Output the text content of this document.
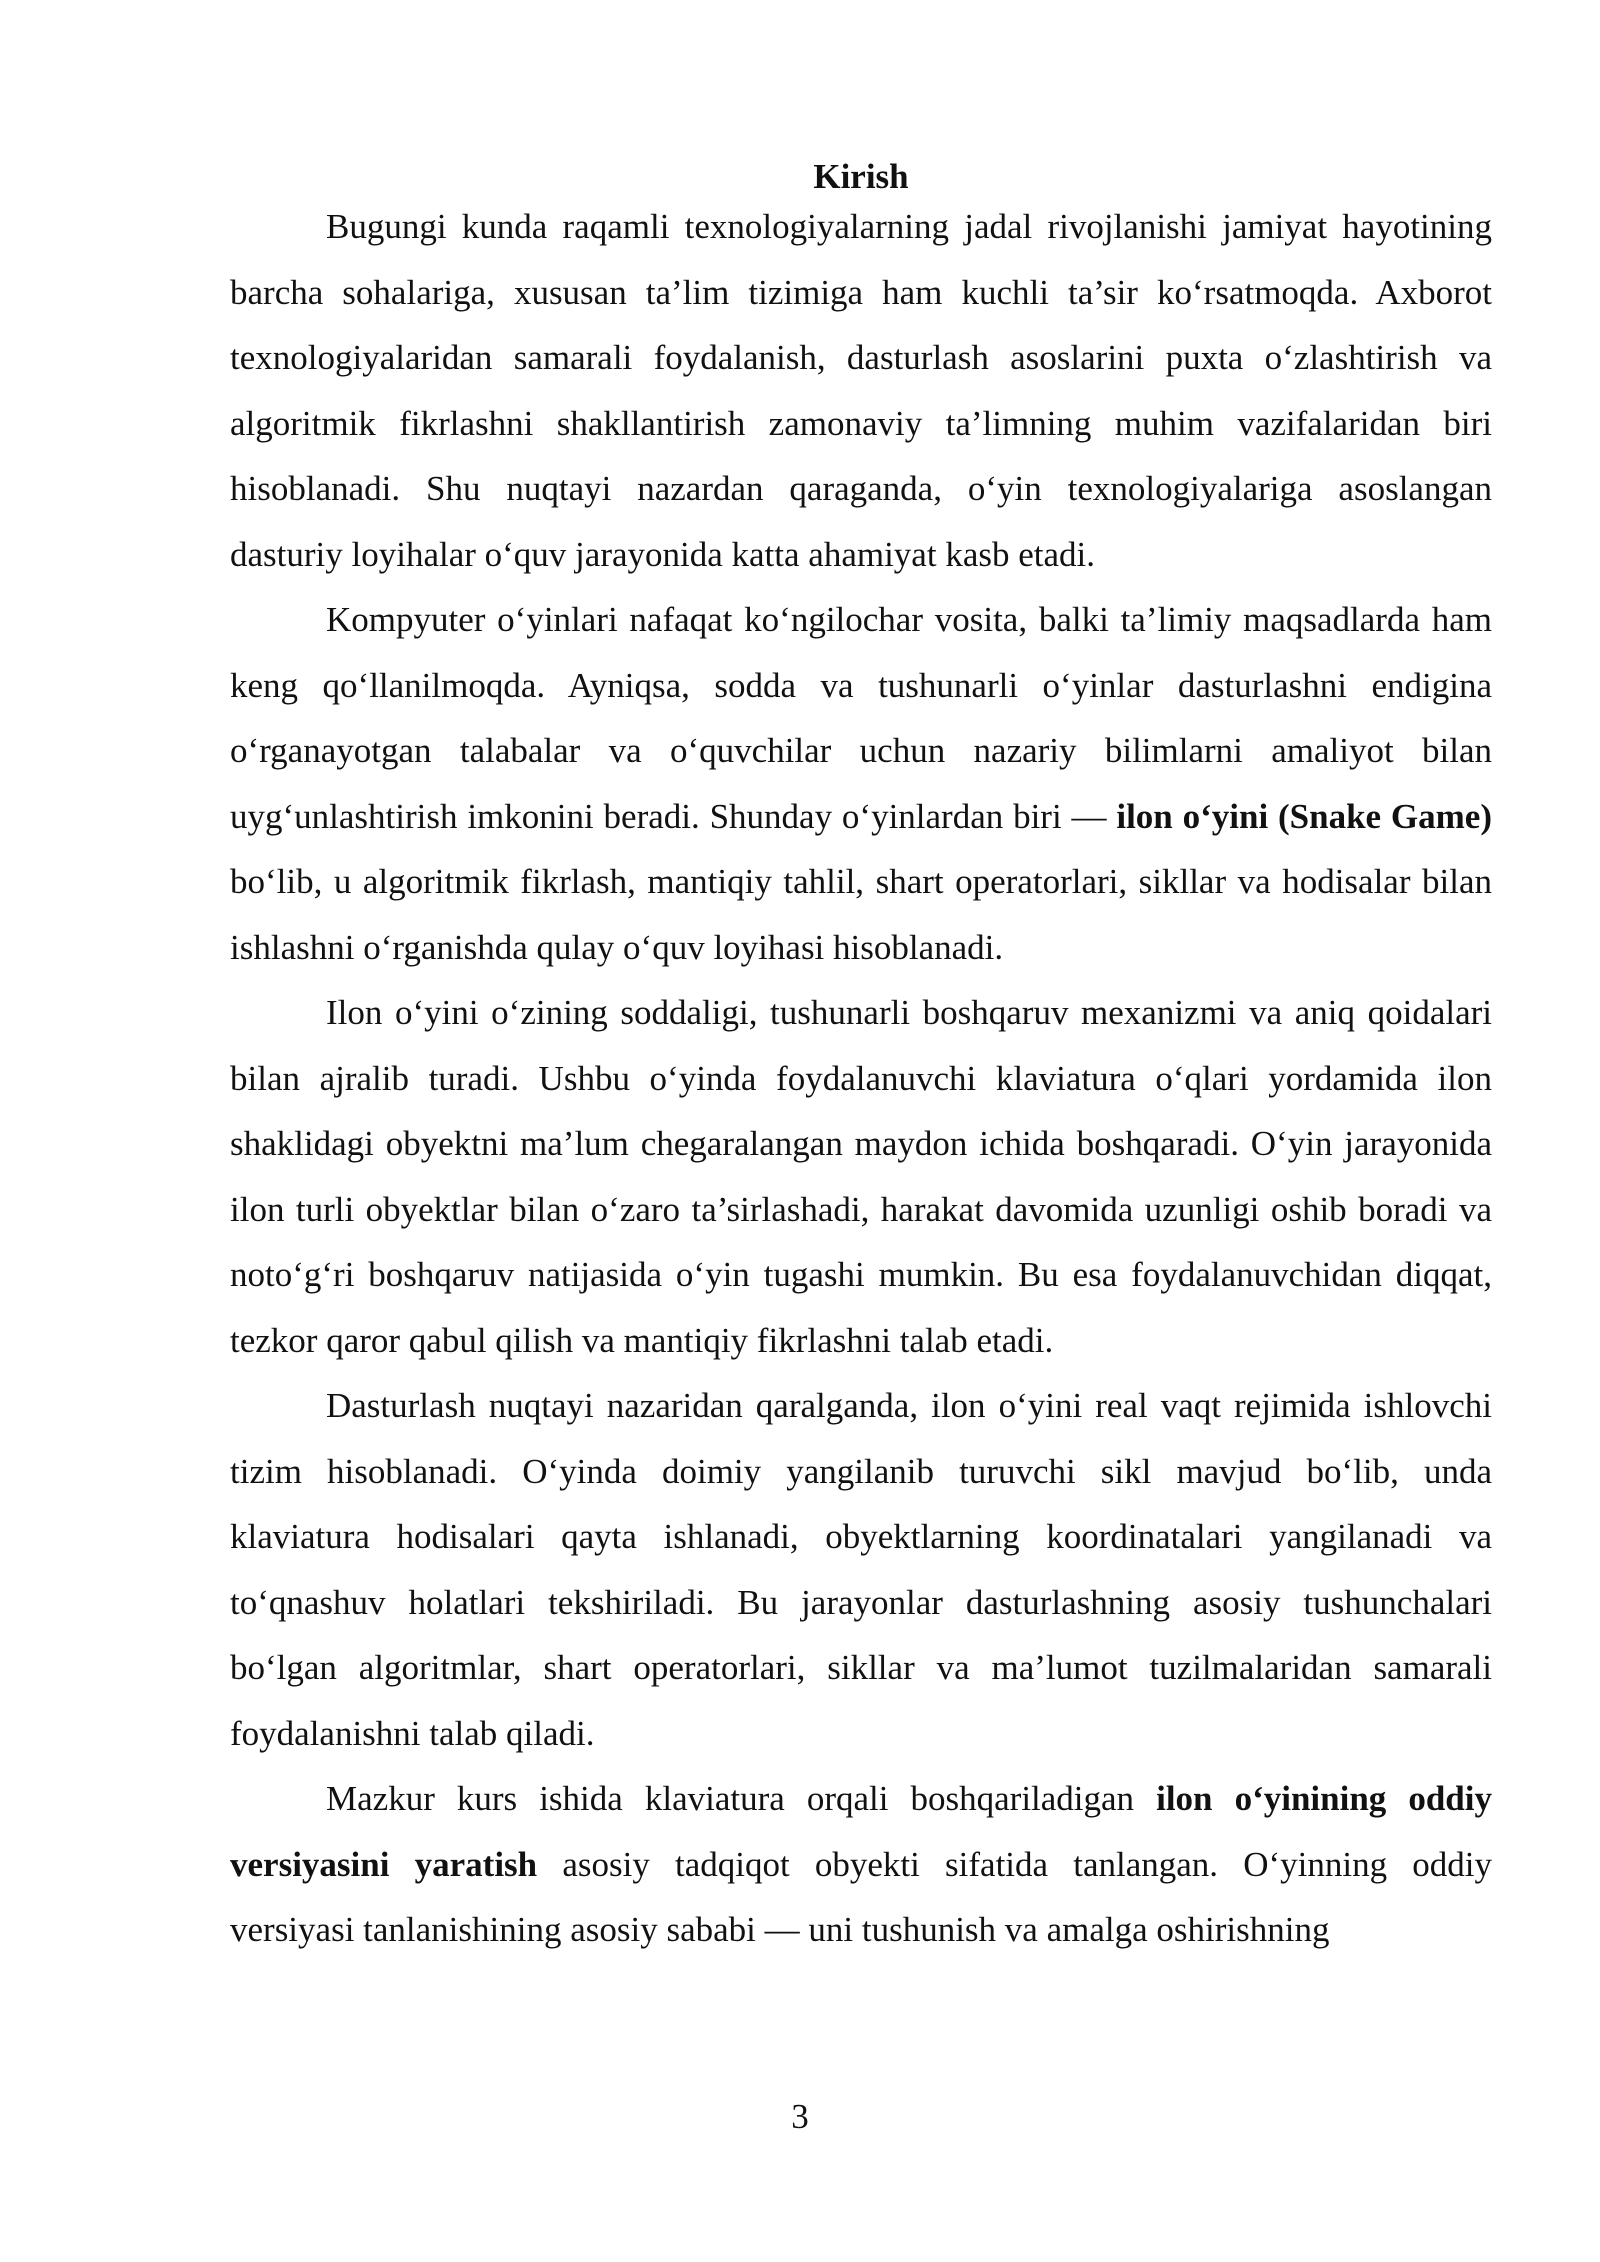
Kirish

Bugungi kunda raqamli texnologiyalarning jadal rivojlanishi jamiyat hayotining barcha sohalariga, xususan ta’lim tizimiga ham kuchli ta’sir ko‘rsatmoqda. Axborot texnologiyalaridan samarali foydalanish, dasturlash asoslarini puxta o‘zlashtirish va algoritmik fikrlashni shakllantirish zamonaviy ta’limning muhim vazifalaridan biri hisoblanadi. Shu nuqtayi nazardan qaraganda, o‘yin texnologiyalariga asoslangan dasturiy loyihalar o‘quv jarayonida katta ahamiyat kasb etadi.

Kompyuter o‘yinlari nafaqat ko‘ngilochar vosita, balki ta’limiy maqsadlarda ham keng qo‘llanilmoqda. Ayniqsa, sodda va tushunarli o‘yinlar dasturlashni endigina o‘rganayotgan talabalar va o‘quvchilar uchun nazariy bilimlarni amaliyot bilan uyg‘unlashtirish imkonini beradi. Shunday o‘yinlardan biri — ilon o‘yini (Snake Game) bo‘lib, u algoritmik fikrlash, mantiqiy tahlil, shart operatorlari, sikllar va hodisalar bilan ishlashni o‘rganishda qulay o‘quv loyihasi hisoblanadi.

Ilon o‘yini o‘zining soddaligi, tushunarli boshqaruv mexanizmi va aniq qoidalari bilan ajralib turadi. Ushbu o‘yinda foydalanuvchi klaviatura o‘qlari yordamida ilon shaklidagi obyektni ma’lum chegaralangan maydon ichida boshqaradi. O‘yin jarayonida ilon turli obyektlar bilan o‘zaro ta’sirlashadi, harakat davomida uzunligi oshib boradi va noto‘g‘ri boshqaruv natijasida o‘yin tugashi mumkin. Bu esa foydalanuvchidan diqqat, tezkor qaror qabul qilish va mantiqiy fikrlashni talab etadi.

Dasturlash nuqtayi nazaridan qaralganda, ilon o‘yini real vaqt rejimida ishlovchi tizim hisoblanadi. O‘yinda doimiy yangilanib turuvchi sikl mavjud bo‘lib, unda klaviatura hodisalari qayta ishlanadi, obyektlarning koordinatalari yangilanadi va to‘qnashuv holatlari tekshiriladi. Bu jarayonlar dasturlashning asosiy tushunchalari bo‘lgan algoritmlar, shart operatorlari, sikllar va ma’lumot tuzilmalaridan samarali foydalanishni talab qiladi.

Mazkur kurs ishida klaviatura orqali boshqariladigan ilon o‘yinining oddiy versiyasini yaratish asosiy tadqiqot obyekti sifatida tanlangan. O‘yinning oddiy versiyasi tanlanishining asosiy sababi — uni tushunish va amalga oshirishning

3
